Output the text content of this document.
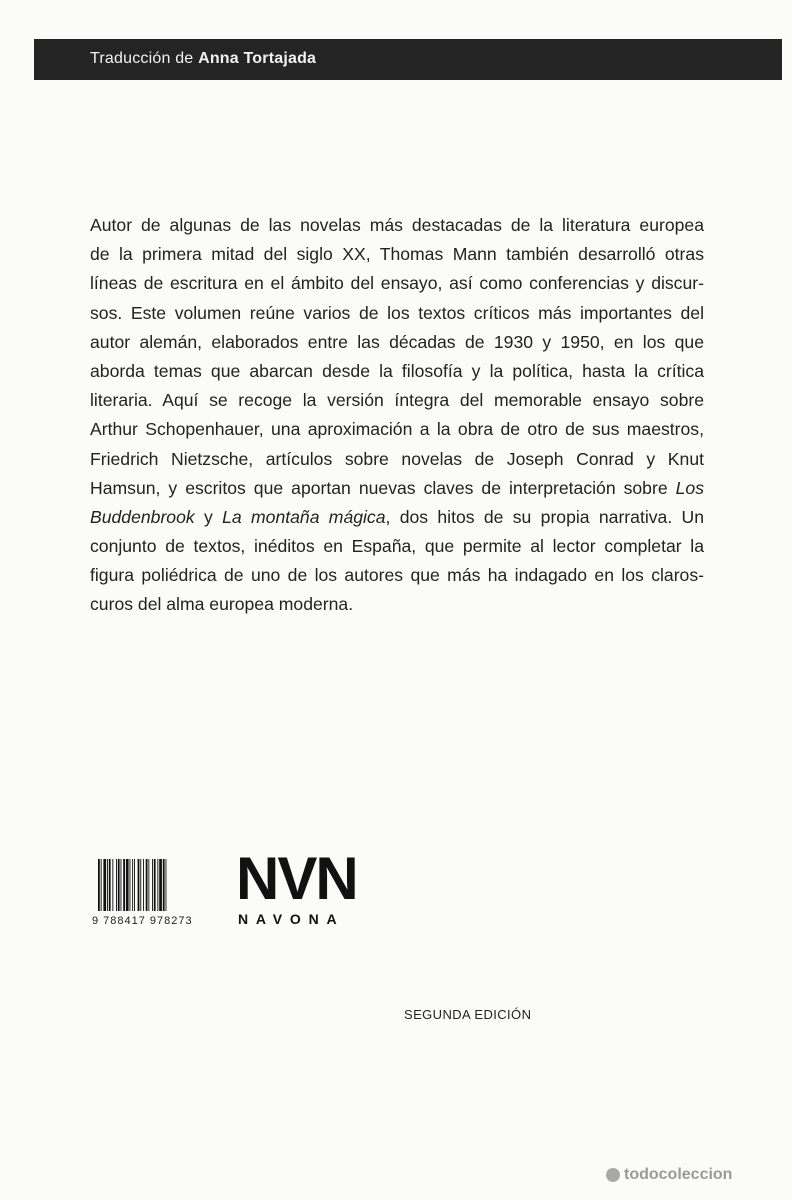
Traducción de Anna Tortajada
Autor de algunas de las novelas más destacadas de la literatura europea
de la primera mitad del siglo XX, Thomas Mann también desarrolló otras
líneas de escritura en el ámbito del ensayo, así como conferencias y discur-
sos. Este volumen reúne varios de los textos críticos más importantes del
autor alemán, elaborados entre las décadas de 1930 y 1950, en los que
aborda temas que abarcan desde la filosofía y la política, hasta la crítica
literaria. Aquí se recoge la versión íntegra del memorable ensayo sobre
Arthur Schopenhauer, una aproximación a la obra de otro de sus maestros,
Friedrich Nietzsche, artículos sobre novelas de Joseph Conrad y Knut
Hamsun, y escritos que aportan nuevas claves de interpretación sobre Los
Buddenbrook y La montaña mágica, dos hitos de su propia narrativa. Un
conjunto de textos, inéditos en España, que permite al lector completar la
figura poliédrica de uno de los autores que más ha indagado en los claros-
curos del alma europea moderna.
9 788417 978273
NVN
NAVONA
SEGUNDA EDICIÓN
todocoleccion
